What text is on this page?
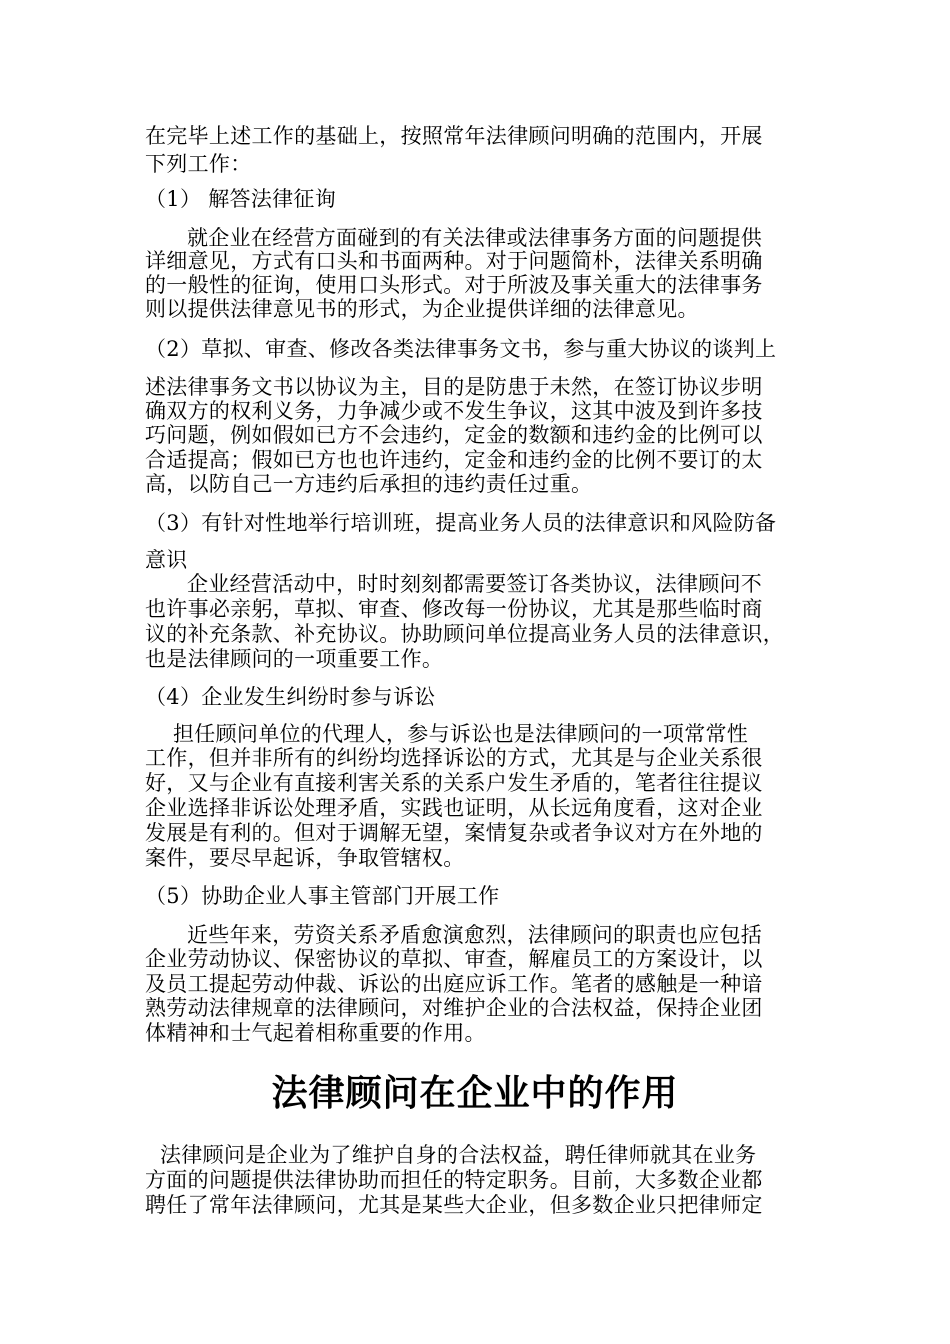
在完毕上述工作的基础上，按照常年法律顾问明确的范围内，开展
下列工作：
（1） 解答法律征询
就企业在经营方面碰到的有关法律或法律事务方面的问题提供
详细意见，方式有口头和书面两种。对于问题简朴，法律关系明确
的一般性的征询，使用口头形式。对于所波及事关重大的法律事务
则以提供法律意见书的形式，为企业提供详细的法律意见。
（2）草拟、审查、修改各类法律事务文书，参与重大协议的谈判上
述法律事务文书以协议为主，目的是防患于未然，在签订协议步明
确双方的权利义务，力争减少或不发生争议，这其中波及到许多技
巧问题，例如假如已方不会违约，定金的数额和违约金的比例可以
合适提高；假如已方也也许违约，定金和违约金的比例不要订的太
高，以防自己一方违约后承担的违约责任过重。
（3）有针对性地举行培训班，提高业务人员的法律意识和风险防备
意识
企业经营活动中，时时刻刻都需要签订各类协议，法律顾问不
也许事必亲躬，草拟、审查、修改每一份协议，尤其是那些临时商
议的补充条款、补充协议。协助顾问单位提高业务人员的法律意识，
也是法律顾问的一项重要工作。
（4）企业发生纠纷时参与诉讼
担任顾问单位的代理人，参与诉讼也是法律顾问的一项常常性
工作，但并非所有的纠纷均选择诉讼的方式，尤其是与企业关系很
好，又与企业有直接利害关系的关系户发生矛盾的，笔者往往提议
企业选择非诉讼处理矛盾，实践也证明，从长远角度看，这对企业
发展是有利的。但对于调解无望，案情复杂或者争议对方在外地的
案件，要尽早起诉，争取管辖权。
（5）协助企业人事主管部门开展工作
近些年来，劳资关系矛盾愈演愈烈，法律顾问的职责也应包括
企业劳动协议、保密协议的草拟、审查，解雇员工的方案设计，以
及员工提起劳动仲裁、诉讼的出庭应诉工作。笔者的感触是一种谙
熟劳动法律规章的法律顾问，对维护企业的合法权益，保持企业团
体精神和士气起着相称重要的作用。
法律顾问在企业中的作用
法律顾问是企业为了维护自身的合法权益，聘任律师就其在业务
方面的问题提供法律协助而担任的特定职务。目前，大多数企业都
聘任了常年法律顾问，尤其是某些大企业，但多数企业只把律师定
